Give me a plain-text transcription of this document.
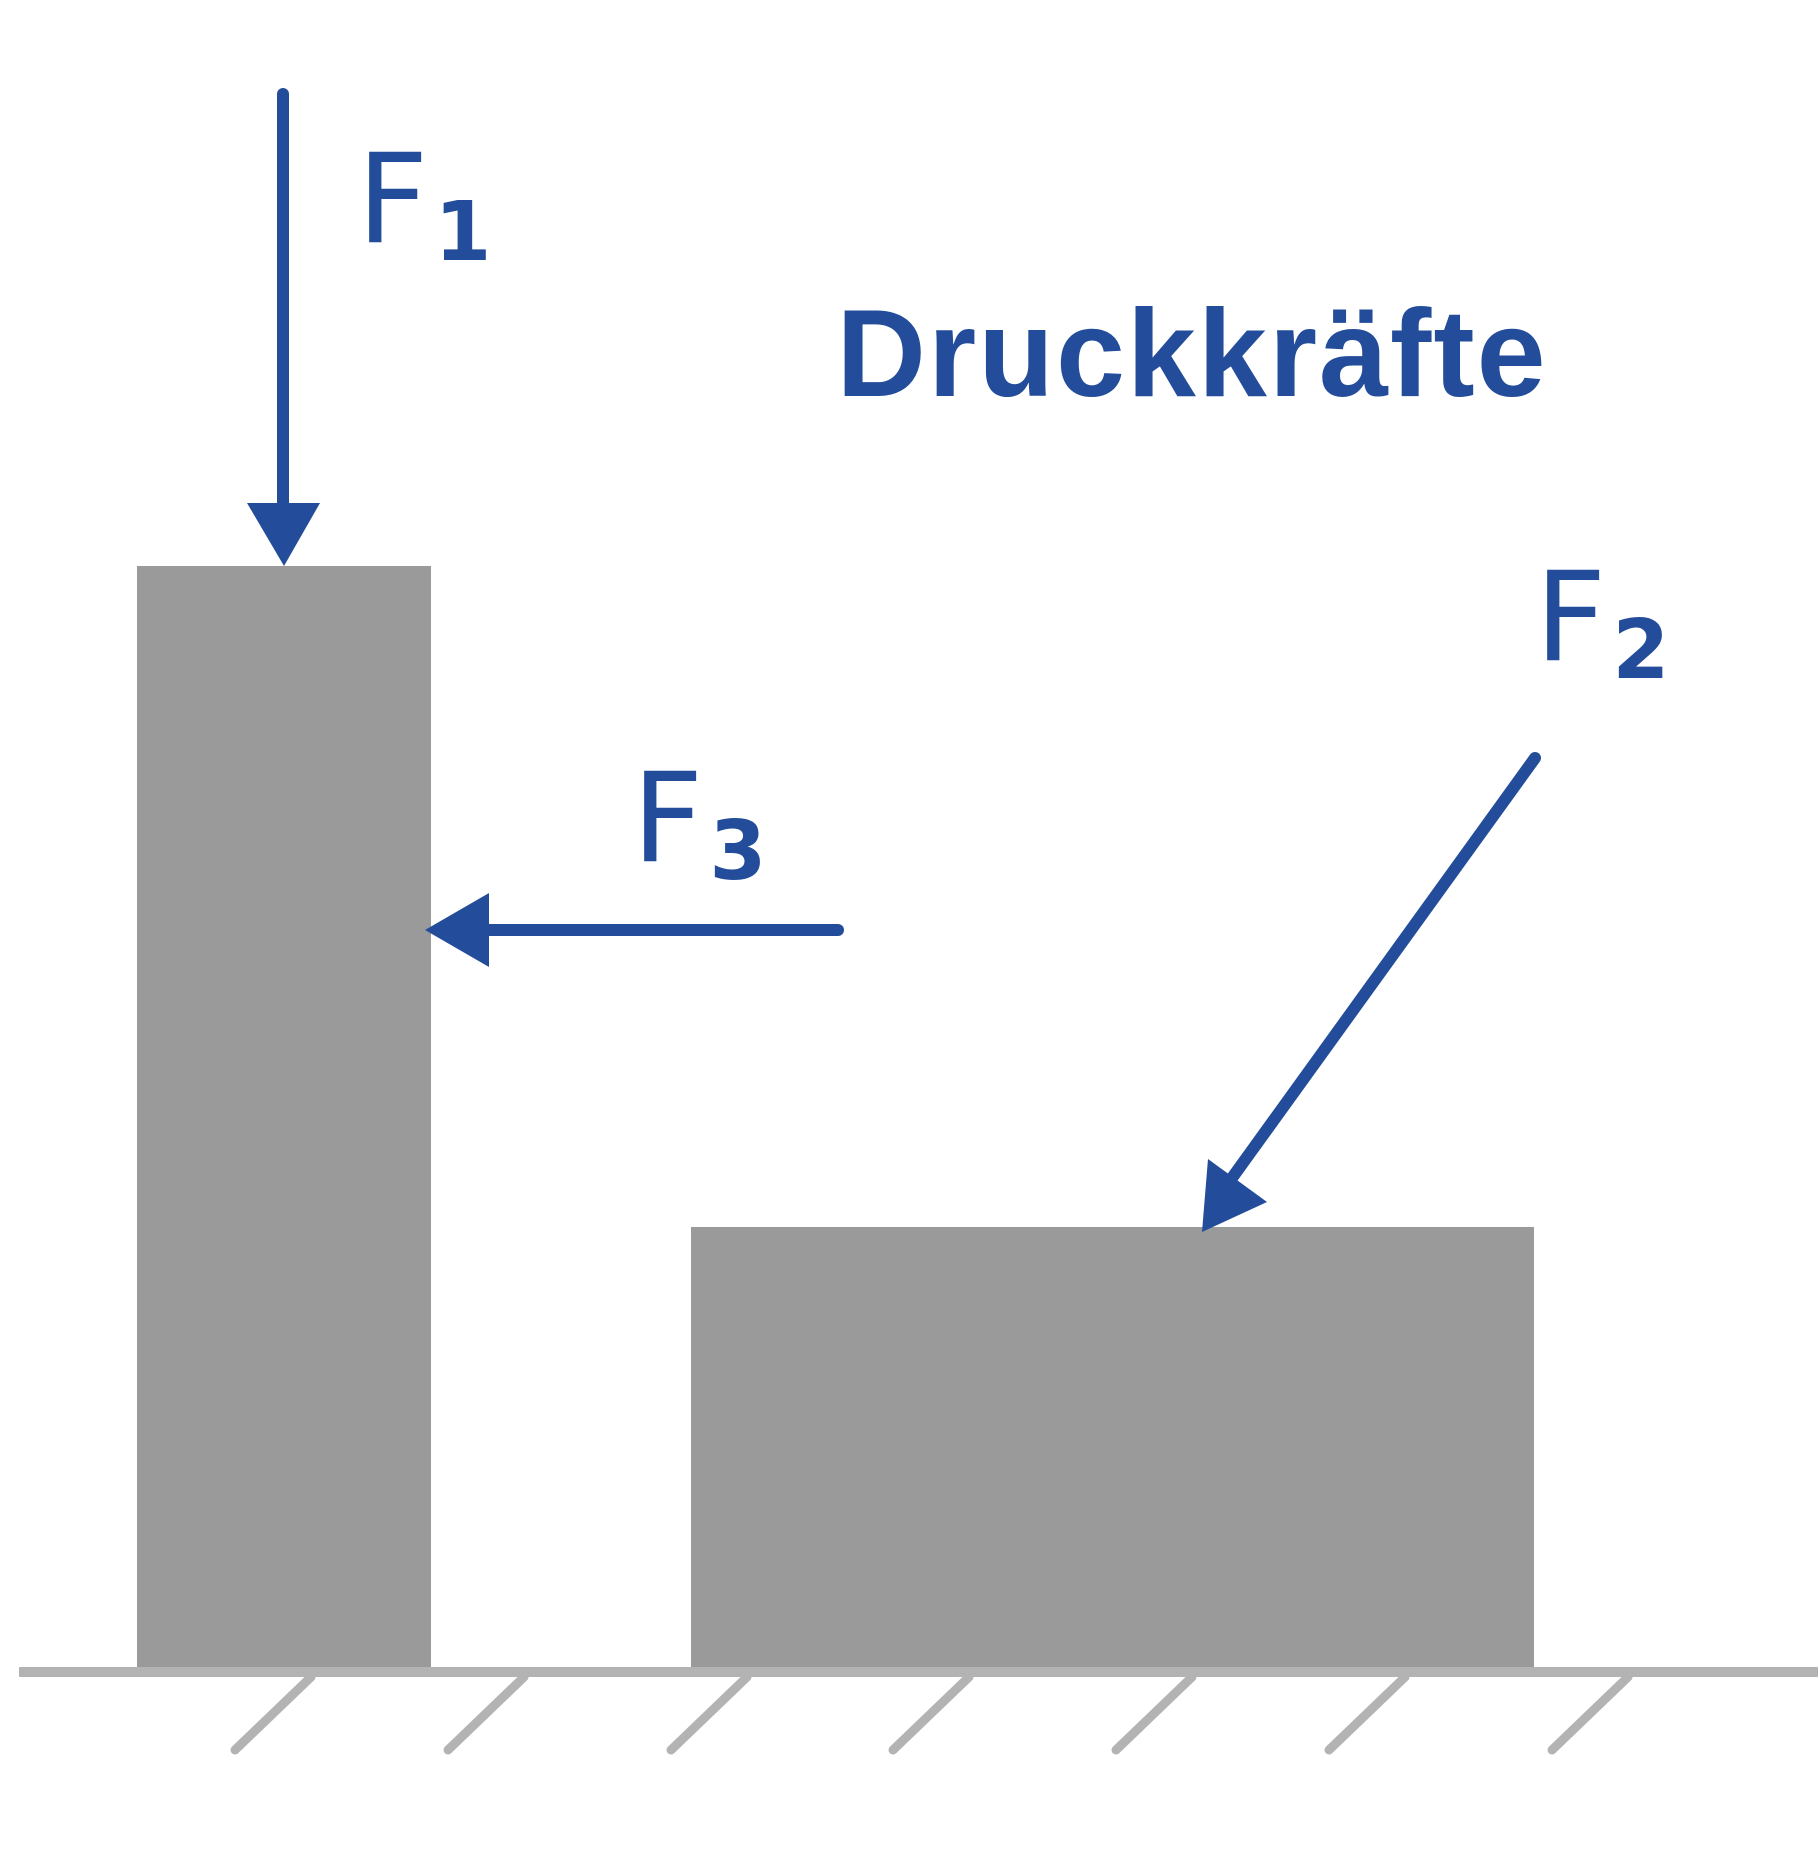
Druckkräfte
F1
F3
F2
